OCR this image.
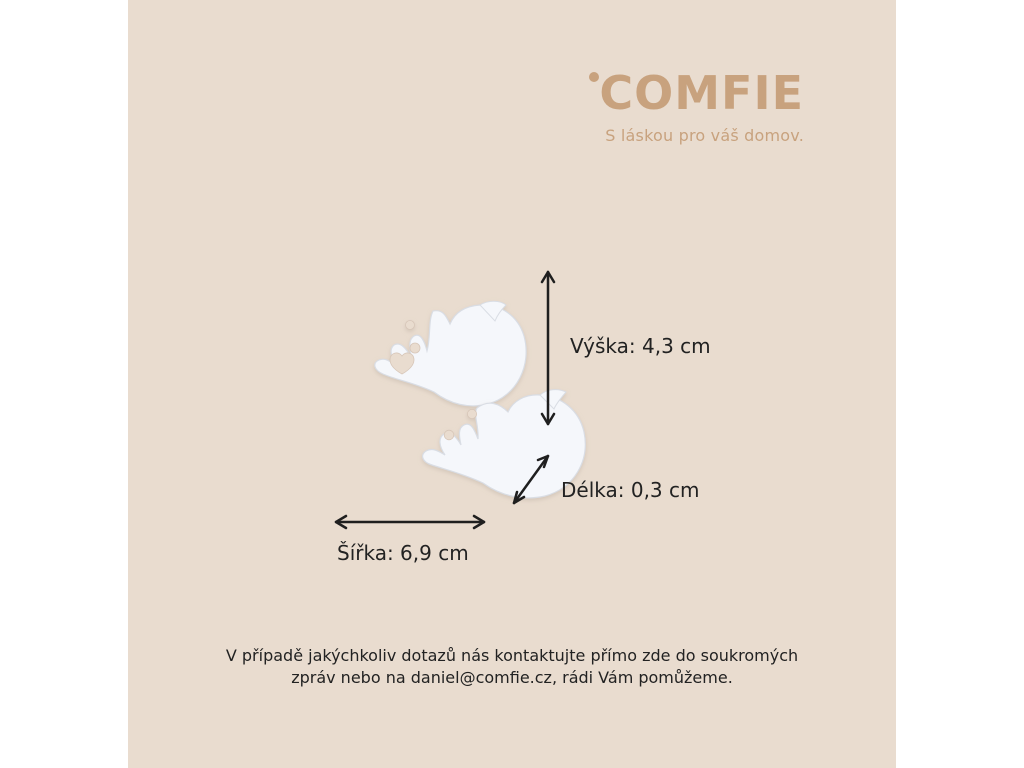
COMFIE
S láskou pro váš domov.
Výška: 4,3 cm
Délka: 0,3 cm
Šířka: 6,9 cm
V případě jakýchkoliv dotazů nás kontaktujte přímo zde do soukromých zpráv nebo na daniel@comfie.cz, rádi Vám pomůžeme.
